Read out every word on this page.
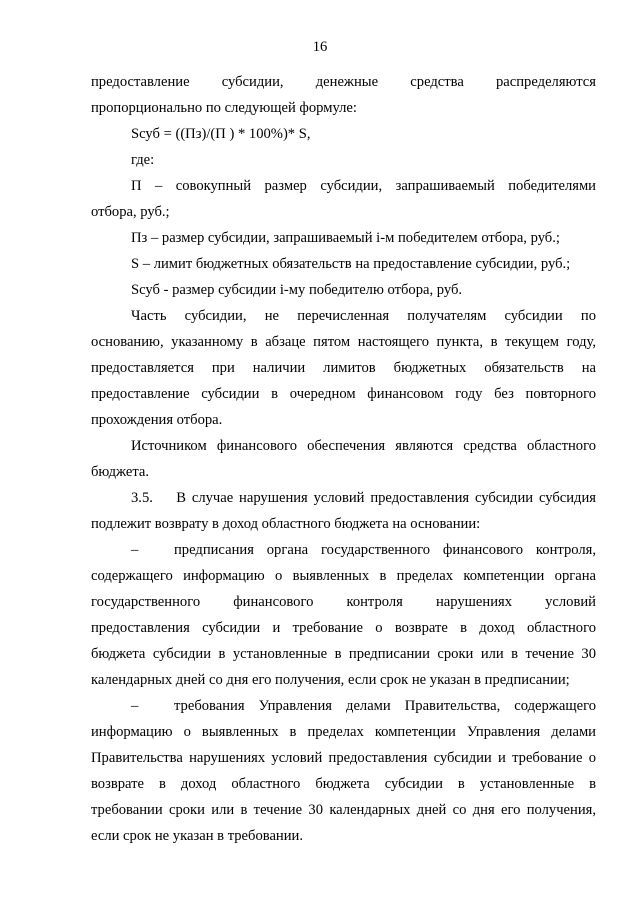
16
предоставление субсидии, денежные средства распределяются
пропорционально по следующей формуле:
Sсуб = ((Пз)/(П ) * 100%)* S,
где:
П – совокупный размер субсидии, запрашиваемый победителями
отбора, руб.;
Пз – размер субсидии, запрашиваемый i-м победителем отбора, руб.;
S – лимит бюджетных обязательств на предоставление субсидии, руб.;
Sсуб - размер субсидии i-му победителю отбора, руб.
Часть субсидии, не перечисленная получателям субсидии по
основанию, указанному в абзаце пятом настоящего пункта, в текущем году,
предоставляется при наличии лимитов бюджетных обязательств на
предоставление субсидии в очередном финансовом году без повторного
прохождения отбора.
Источником финансового обеспечения являются средства областного
бюджета.
3.5.    В случае нарушения условий предоставления субсидии субсидия
подлежит возврату в доход областного бюджета на основании:
– предписания органа государственного финансового контроля,
содержащего информацию о выявленных в пределах компетенции органа
государственного финансового контроля нарушениях условий
предоставления субсидии и требование о возврате в доход областного
бюджета субсидии в установленные в предписании сроки или в течение 30
календарных дней со дня его получения, если срок не указан в предписании;
– требования Управления делами Правительства, содержащего
информацию о выявленных в пределах компетенции Управления делами
Правительства нарушениях условий предоставления субсидии и требование о
возврате в доход областного бюджета субсидии в установленные в
требовании сроки или в течение 30 календарных дней со дня его получения,
если срок не указан в требовании.
